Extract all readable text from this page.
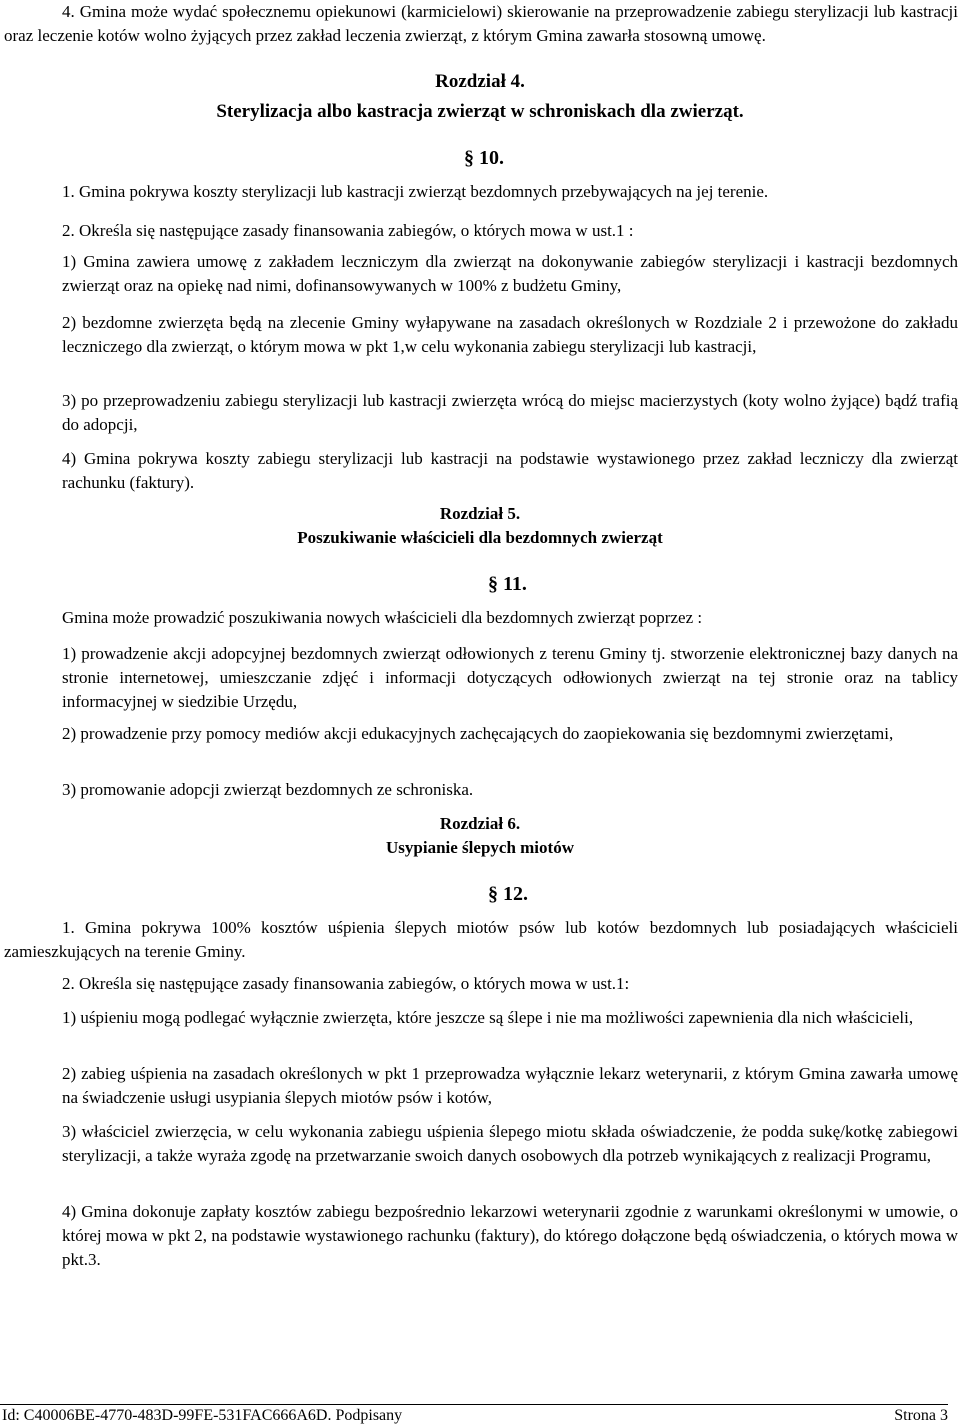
4. Gmina może wydać społecznemu opiekunowi (karmicielowi) skierowanie na przeprowadzenie zabiegu sterylizacji lub kastracji oraz leczenie kotów wolno żyjących przez zakład leczenia zwierząt, z którym Gmina zawarła stosowną umowę.

Rozdział 4.
Sterylizacja albo kastracja zwierząt w schroniskach dla zwierząt.
§ 10.

1. Gmina pokrywa koszty sterylizacji lub kastracji zwierząt bezdomnych przebywających na jej terenie.

2. Określa się następujące zasady finansowania zabiegów, o których mowa w ust.1 :

1) Gmina zawiera umowę z zakładem leczniczym dla zwierząt na dokonywanie zabiegów sterylizacji i kastracji bezdomnych zwierząt oraz na opiekę nad nimi, dofinansowywanych w 100% z budżetu Gminy,

2) bezdomne zwierzęta będą na zlecenie Gminy wyłapywane na zasadach określonych w Rozdziale 2 i przewożone do zakładu leczniczego dla zwierząt, o którym mowa w pkt 1,w celu wykonania zabiegu sterylizacji lub kastracji,

3) po przeprowadzeniu zabiegu sterylizacji lub kastracji zwierzęta wrócą do miejsc macierzystych (koty wolno żyjące) bądź trafią do adopcji,

4) Gmina pokrywa koszty zabiegu sterylizacji lub kastracji na podstawie wystawionego przez zakład leczniczy dla zwierząt rachunku (faktury).

Rozdział 5.
Poszukiwanie właścicieli dla bezdomnych zwierząt
§ 11.

Gmina może prowadzić poszukiwania nowych właścicieli dla bezdomnych zwierząt poprzez :

1) prowadzenie akcji adopcyjnej bezdomnych zwierząt odłowionych z terenu Gminy tj. stworzenie elektronicznej bazy danych na stronie internetowej, umieszczanie zdjęć i informacji dotyczących odłowionych zwierząt na tej stronie oraz na tablicy informacyjnej w siedzibie Urzędu,

2) prowadzenie przy pomocy mediów akcji edukacyjnych zachęcających do zaopiekowania się bezdomnymi zwierzętami,

3) promowanie adopcji zwierząt bezdomnych ze schroniska.

Rozdział 6.
Usypianie ślepych miotów
§ 12.

1. Gmina pokrywa 100% kosztów uśpienia ślepych miotów psów lub kotów bezdomnych lub posiadających właścicieli zamieszkujących na terenie Gminy.

2. Określa się następujące zasady finansowania zabiegów, o których mowa w ust.1:

1) uśpieniu mogą podlegać wyłącznie zwierzęta, które jeszcze są ślepe i nie ma możliwości zapewnienia dla nich właścicieli,

2) zabieg uśpienia na zasadach określonych w pkt 1 przeprowadza wyłącznie lekarz weterynarii, z którym Gmina zawarła umowę na świadczenie usługi usypiania ślepych miotów psów i kotów,

3) właściciel zwierzęcia, w celu wykonania zabiegu uśpienia ślepego miotu składa oświadczenie, że podda sukę/kotkę zabiegowi sterylizacji, a także wyraża zgodę na przetwarzanie swoich danych osobowych dla potrzeb wynikających z realizacji Programu,

4) Gmina dokonuje zapłaty kosztów zabiegu bezpośrednio lekarzowi weterynarii zgodnie z warunkami określonymi w umowie, o której mowa w pkt 2, na podstawie wystawionego rachunku (faktury), do którego dołączone będą oświadczenia, o których mowa w pkt.3.

Id: C40006BE-4770-483D-99FE-531FAC666A6D. Podpisany	Strona 3
